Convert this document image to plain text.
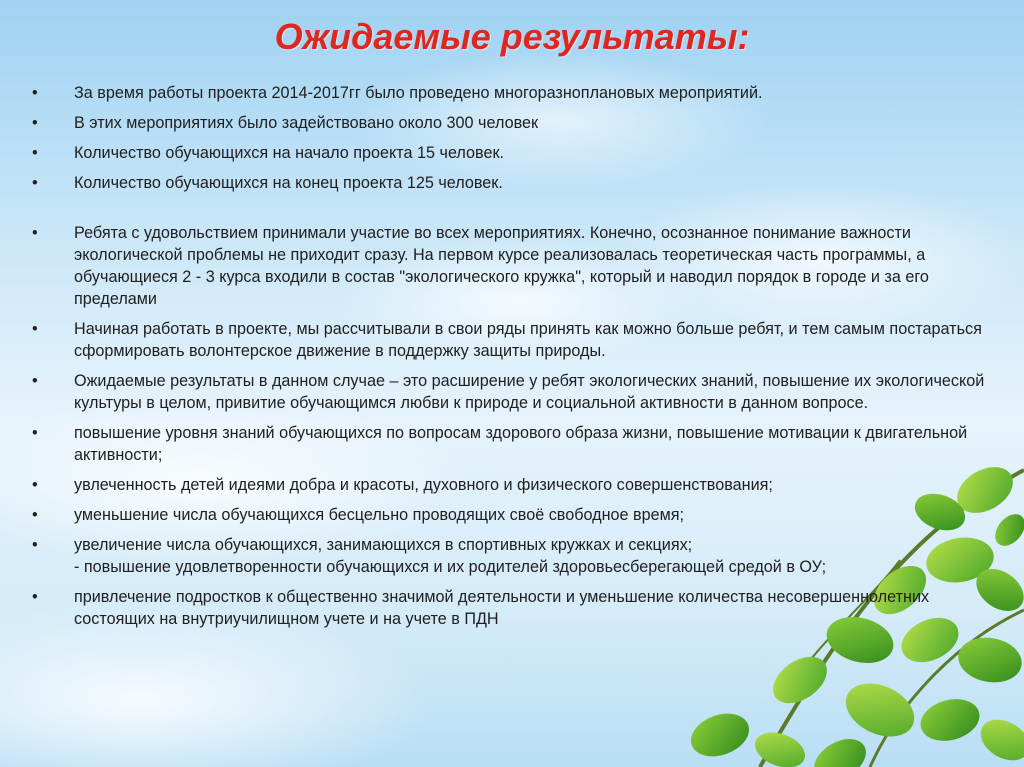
Ожидаемые результаты:
• За время работы проекта 2014-2017гг было проведено многоразноплановых мероприятий.
• В этих мероприятиях было задействовано около 300 человек
• Количество обучающихся на начало проекта 15 человек.
• Количество обучающихся на конец проекта 125 человек.
• Ребята с удовольствием принимали участие во всех мероприятиях. Конечно, осознанное понимание важности экологической проблемы не приходит сразу. На первом курсе реализовалась теоретическая часть программы, а обучающиеся 2 - 3 курса входили в состав "экологического кружка", который и наводил порядок в городе и за его пределами
• Начиная работать в проекте, мы рассчитывали в свои ряды принять как можно больше ребят, и тем самым постараться сформировать волонтерское движение в поддержку защиты природы.
• Ожидаемые результаты в данном случае – это расширение у ребят экологических знаний, повышение их экологической культуры в целом, привитие обучающимся любви к природе и социальной активности в данном вопросе.
• повышение уровня знаний обучающихся по вопросам здорового образа жизни, повышение мотивации к двигательной активности;
• увлеченность детей идеями добра и красоты, духовного и физического совершенствования;
• уменьшение числа обучающихся бесцельно проводящих своё свободное время;
• увеличение числа обучающихся, занимающихся в спортивных кружках и секциях;
- повышение удовлетворенности обучающихся и их родителей здоровьесберегающей средой в ОУ;
• привлечение подростков к общественно значимой деятельности и уменьшение количества несовершеннолетних состоящих на внутриучилищном учете и на учете в ПДН
